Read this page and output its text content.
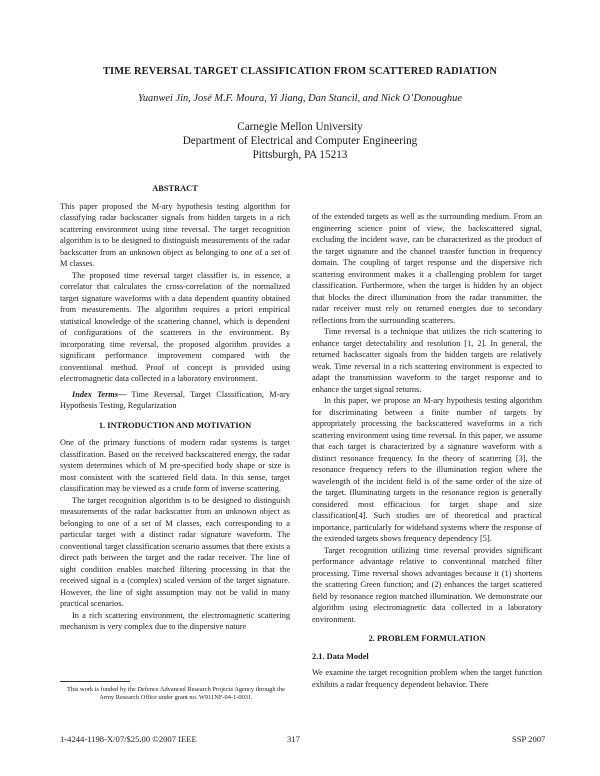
TIME REVERSAL TARGET CLASSIFICATION FROM SCATTERED RADIATION
Yuanwei Jin, José M.F. Moura, Yi Jiang, Dan Stancil, and Nick O’Donoughue
Carnegie Mellon University
Department of Electrical and Computer Engineering
Pittsburgh, PA 15213
ABSTRACT

This paper proposed the M-ary hypothesis testing algorithm for classifying radar backscatter signals from hidden targets in a rich scattering environment using time reversal. The target recognition algorithm is to be designed to distinguish measurements of the radar backscatter from an unknown object as belonging to one of a set of M classes.

The proposed time reversal target classifier is, in essence, a correlator that calculates the cross-correlation of the normalized target signature waveforms with a data dependent quantity obtained from measurements. The algorithm requires a priori empirical statistical knowledge of the scattering channel, which is dependent of configurations of the scatterers in the environment. By incorporating time reversal, the proposed algorithm provides a significant performance improvement compared with the conventional method. Proof of concept is provided using electromagnetic data collected in a laboratory environment.

Index Terms— Time Reversal, Target Classification, M-ary Hypothesis Testing, Regularization

1. INTRODUCTION AND MOTIVATION

One of the primary functions of modern radar systems is target classification. Based on the received backscattered energy, the radar system determines which of M pre-specified body shape or size is most consistent with the scattered field data. In this sense, target classification may be viewed as a crude form of inverse scattering.

The target recognition algorithm is to be designed to distinguish measurements of the radar backscatter from an unknown object as belonging to one of a set of M classes, each corresponding to a particular target with a distinct radar signature waveform. The conventional target classification scenario assumes that there exists a direct path between the target and the radar receiver. The line of sight condition enables matched filtering processing in that the received signal is a (complex) scaled version of the target signature. However, the line of sight assumption may not be valid in many practical scenarios.

In a rich scattering environment, the electromagnetic scattering mechanism is very complex due to the dispersive nature

This work is funded by the Defence Advanced Research Projects Agency through the Army Research Office under grant no. W911NF-04-1-0031.

of the extended targets as well as the surrounding medium. From an engineering science point of view, the backscattered signal, excluding the incident wave, can be characterized as the product of the target signature and the channel transfer function in frequency domain. The coupling of target response and the dispersive rich scattering environment makes it a challenging problem for target classification. Furthermore, when the target is hidden by an object that blocks the direct illumination from the radar transmitter, the radar receiver must rely on returned energies due to secondary reflections from the surrounding scatterers.

Time reversal is a technique that utilizes the rich scattering to enhance target detectability and resolution [1, 2]. In general, the returned backscatter signals from the hidden targets are relatively weak. Time reversal in a rich scattering environment is expected to adapt the transmission waveform to the target response and to enhance the target signal returns.

In this paper, we propose an M-ary hypothesis testing algorithm for discriminating between a finite number of targets by appropriately processing the backscattered waveforms in a rich scattering environment using time reversal. In this paper, we assume that each target is characterized by a signature waveform with a distinct resonance frequency. In the theory of scattering [3], the resonance frequency refers to the illumination region where the wavelength of the incident field is of the same order of the size of the target. Illuminating targets in the resonance region is generally considered most efficacious for target shape and size classification[4]. Such studies are of theoretical and practical importance, particularly for wideband systems where the response of the extended targets shows frequency dependency [5].

Target recognition utilizing time reversal provides significant performance advantage relative to conventional matched filter processing. Time reversal shows advantages because it (1) shortens the scattering Green function; and (2) enhances the target scattered field by resonance region matched illumination. We demonstrate our algorithm using electromagnetic data collected in a laboratory environment.

2. PROBLEM FORMULATION
2.1. Data Model

We examine the target recognition problem when the target function exhibits a radar frequency dependent behavior. There

1-4244-1198-X/07/$25.00 ©2007 IEEE	317	SSP 2007
